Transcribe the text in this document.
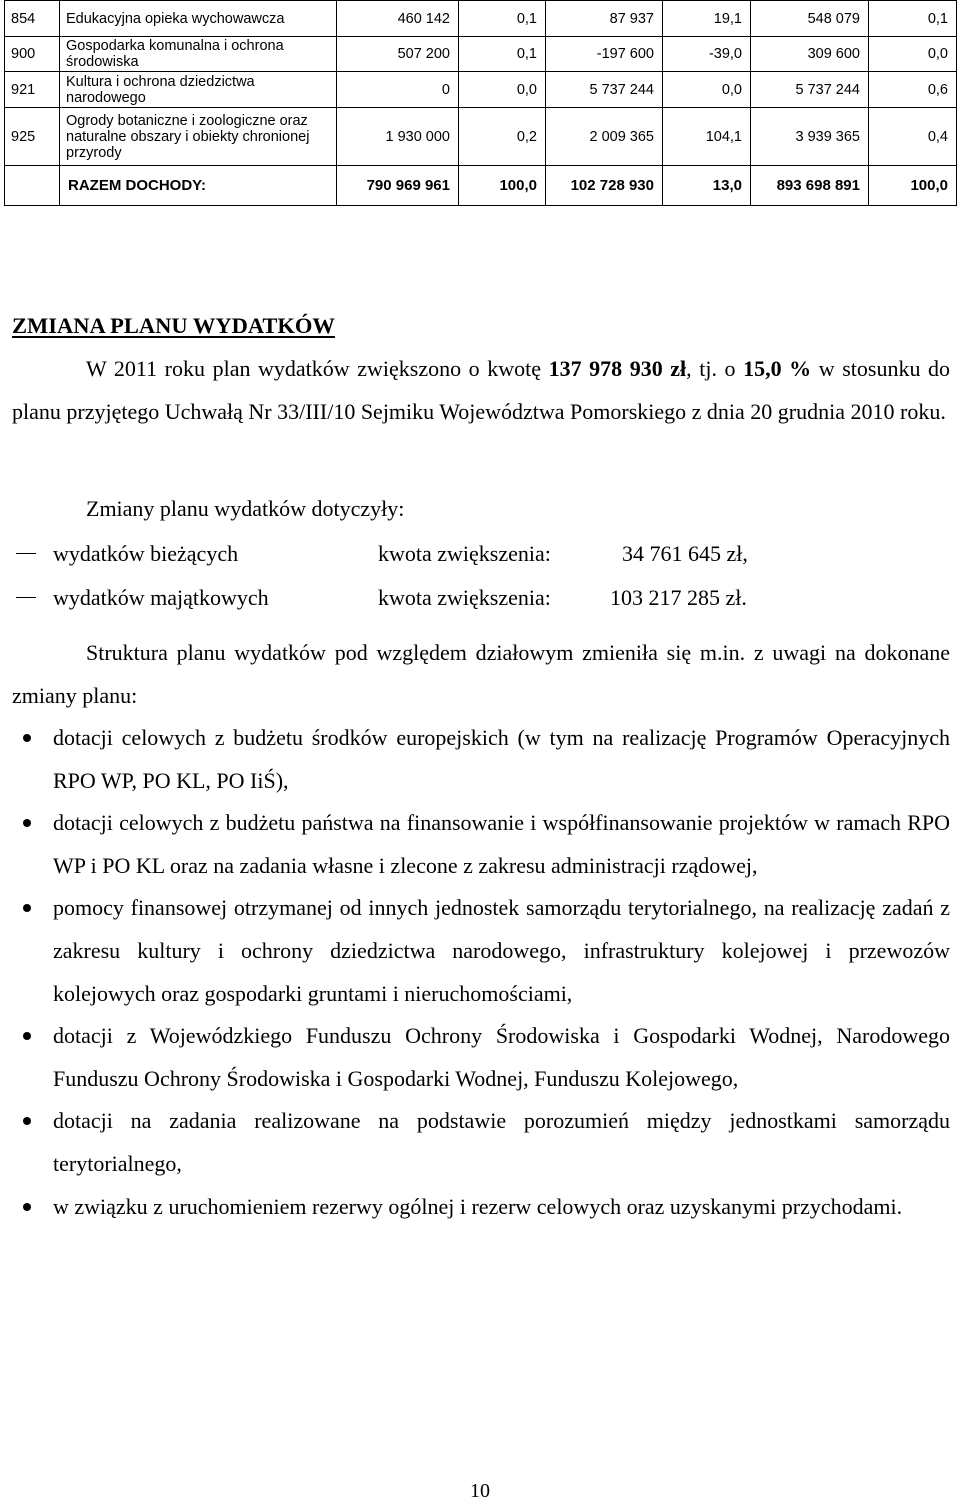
854	Edukacyjna opieka wychowawcza	460 142	0,1	87 937	19,1	548 079	0,1
900	Gospodarka komunalna i ochrona środowiska	507 200	0,1	-197 600	-39,0	309 600	0,0
921	Kultura i ochrona dziedzictwa narodowego	0	0,0	5 737 244	0,0	5 737 244	0,6
925	Ogrody botaniczne i zoologiczne oraz naturalne obszary i obiekty chronionej przyrody	1 930 000	0,2	2 009 365	104,1	3 939 365	0,4
	RAZEM DOCHODY:	790 969 961	100,0	102 728 930	13,0	893 698 891	100,0
ZMIANA PLANU WYDATKÓW

W 2011 roku plan wydatków zwiększono o kwotę 137 978 930 zł, tj. o 15,0 % w stosunku do planu przyjętego Uchwałą Nr 33/III/10 Sejmiku Województwa Pomorskiego z dnia 20 grudnia 2010 roku.

Zmiany planu wydatków dotyczyły:

wydatków bieżących	kwota zwiększenia:	34 761 645 zł,
wydatków majątkowych	kwota zwiększenia:	103 217 285 zł.

Struktura planu wydatków pod względem działowym zmieniła się m.in. z uwagi na dokonane zmiany planu:

dotacji celowych z budżetu środków europejskich (w tym na realizację Programów Operacyjnych RPO WP, PO KL, PO IiŚ),
dotacji celowych z budżetu państwa na finansowanie i współfinansowanie projektów w ramach RPO WP i PO KL oraz na zadania własne i zlecone z zakresu administracji rządowej,
pomocy finansowej otrzymanej od innych jednostek samorządu terytorialnego, na realizację zadań z zakresu kultury i ochrony dziedzictwa narodowego, infrastruktury kolejowej i przewozów kolejowych oraz gospodarki gruntami i nieruchomościami,
dotacji z Wojewódzkiego Funduszu Ochrony Środowiska i Gospodarki Wodnej, Narodowego Funduszu Ochrony Środowiska i Gospodarki Wodnej, Funduszu Kolejowego,
dotacji na zadania realizowane na podstawie porozumień między jednostkami samorządu terytorialnego,
w związku z uruchomieniem rezerwy ogólnej i rezerw celowych oraz uzyskanymi przychodami.
10
